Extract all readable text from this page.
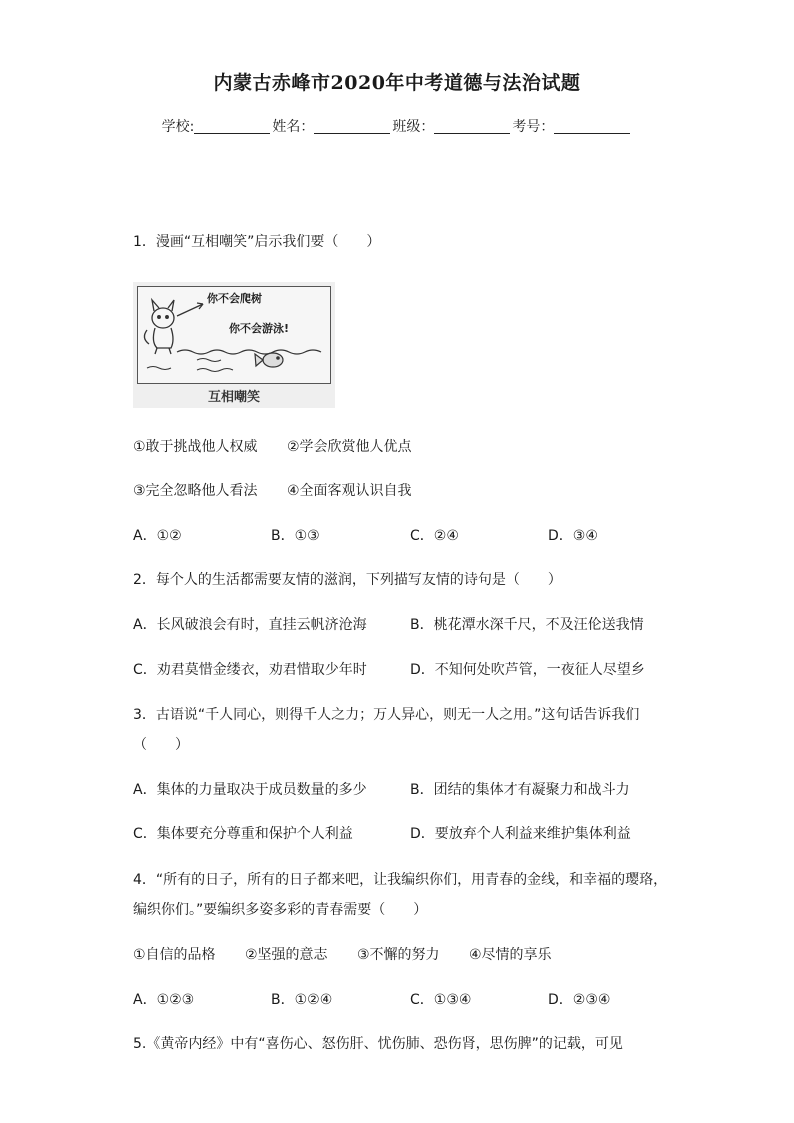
内蒙古赤峰市2020年中考道德与法治试题
学校:	姓名：	班级：	考号：
1．漫画“互相嘲笑”启示我们要（　　）
你不会爬树
你不会游泳!
互相嘲笑
①敢于挑战他人权威 ②学会欣赏他人优点
③完全忽略他人看法 ④全面客观认识自我
A．①②	B．①③	C．②④	D．③④
2．每个人的生活都需要友情的滋润，下列描写友情的诗句是（　　）
A．长风破浪会有时，直挂云帆济沧海	B．桃花潭水深千尺，不及汪伦送我情
C．劝君莫惜金缕衣，劝君惜取少年时	D．不知何处吹芦管，一夜征人尽望乡
3．古语说“千人同心，则得千人之力；万人异心，则无一人之用。”这句话告诉我们
（　　）
A．集体的力量取决于成员数量的多少	B．团结的集体才有凝聚力和战斗力
C．集体要充分尊重和保护个人利益	D．要放弃个人利益来维护集体利益
4．“所有的日子，所有的日子都来吧，让我编织你们，用青春的金线，和幸福的璎珞，
编织你们。”要编织多姿多彩的青春需要（　　）
①自信的品格 ②坚强的意志 ③不懈的努力 ④尽情的享乐
A．①②③	B．①②④	C．①③④	D．②③④
5.《黄帝内经》中有“喜伤心、怒伤肝、忧伤肺、恐伤肾，思伤脾”的记载，可见
